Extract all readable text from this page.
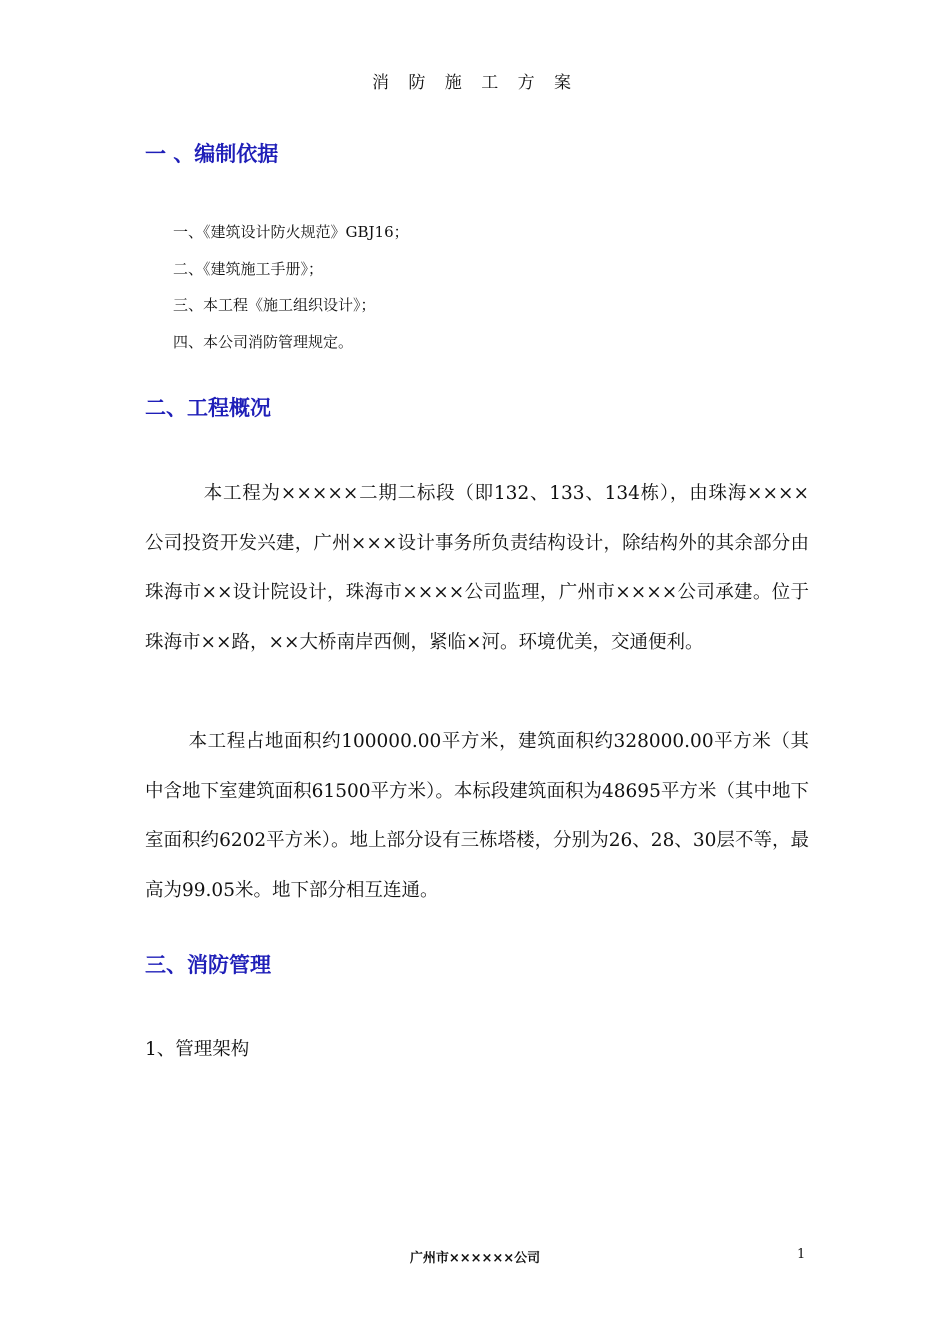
消 防 施 工 方 案
一 、编制依据
一、《建筑设计防火规范》GBJ16；
二、《建筑施工手册》；
三、本工程《施工组织设计》；
四、本公司消防管理规定。
二、工程概况

本工程为×××××二期二标段（即132、133、134栋），由珠海××××公司投资开发兴建，广州×××设计事务所负责结构设计，除结构外的其余部分由珠海市××设计院设计，珠海市××××公司监理，广州市××××公司承建。位于珠海市××路，××大桥南岸西侧，紧临×河。环境优美，交通便利。

本工程占地面积约100000.00平方米，建筑面积约328000.00平方米（其中含地下室建筑面积61500平方米）。本标段建筑面积为48695平方米（其中地下室面积约6202平方米）。地上部分设有三栋塔楼，分别为26、28、30层不等，最高为99.05米。地下部分相互连通。

三、消防管理
1、管理架构
广州市××××××公司	1
